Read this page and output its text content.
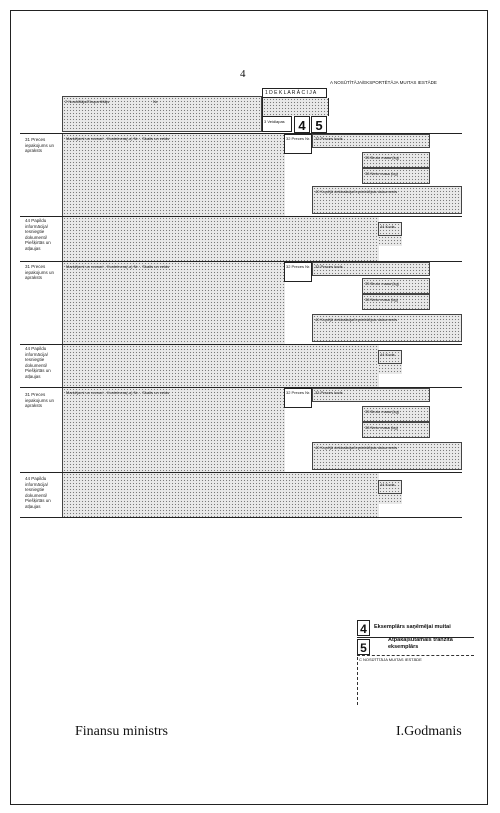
4
2 Nosūtītājs/Eksportētājs	Nr.
1 D E K L A R Ā C I J A
A NOSŪTĪTĀJA/EKSPORTĒTĀJA MUITAS IESTĀDE
3 Veidlapas	4 5
31 Preces iepakojums un apraksts
Marķējumi un numuri - Konteinera(-u) Nr. - Skaits un veids	32 Preces Nr. 33 Preces kods
35 Bruto masa (kg)
38 Neto masa (kg)
40 Kopējā deklarācija/Iepriekšējais dokuments
44 Papildu informācija/ Iesniegtie dokumenti/ Piešķirtās un atļaujas
44 Kods
31 Preces iepakojums un apraksts
Marķējumi un numuri - Konteinera(-u) Nr. - Skaits un veids	32 Preces Nr. 33 Preces kods
35 Bruto masa (kg)
38 Neto masa (kg)
40 Kopējā deklarācija/Iepriekšējais dokuments
44 Papildu informācija/ Iesniegtie dokumenti/ Piešķirtās un atļaujas
44 Kods
31 Preces iepakojums un apraksts
Marķējumi un numuri - Konteinera(-u) Nr. - Skaits un veids	32 Preces Nr. 33 Preces kods
35 Bruto masa (kg)
38 Neto masa (kg)
40 Kopējā deklarācija/Iepriekšējais dokuments
44 Papildu informācija/ Iesniegtie dokumenti/ Piešķirtās un atļaujas
44 Kods
4	Eksemplārs saņēmējai muitai
5
Atpakaļsūtāmais tranzīta eksemplārs
C NOSŪTĪTĀJA MUITAS IESTĀDE
Finansu ministrs	I.Godmanis
